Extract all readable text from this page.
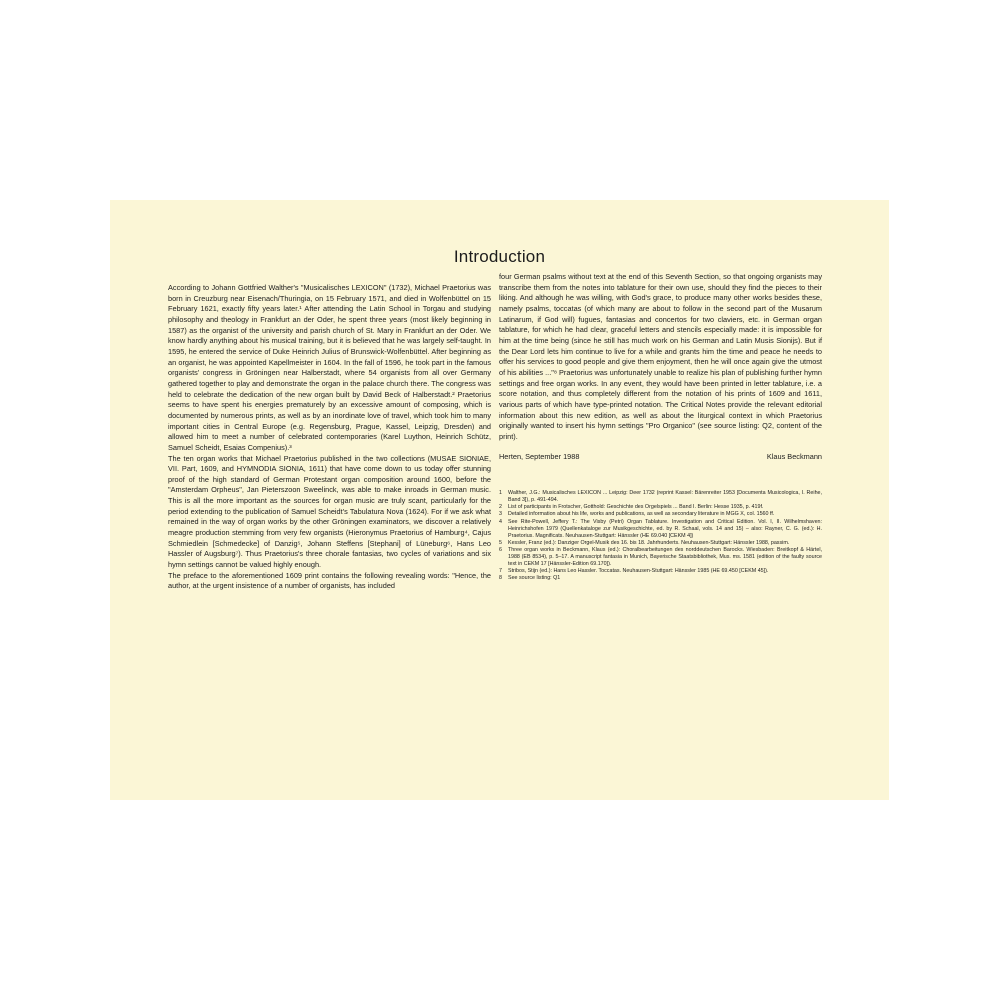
Introduction

According to Johann Gottfried Walther's "Musicalisches LEXICON" (1732), Michael Praetorius was born in Creuzburg near Eisenach/Thuringia, on 15 February 1571, and died in Wolfenbüttel on 15 February 1621, exactly fifty years later.¹ After attending the Latin School in Torgau and studying philosophy and theology in Frankfurt an der Oder, he spent three years (most likely beginning in 1587) as the organist of the university and parish church of St. Mary in Frankfurt an der Oder. We know hardly anything about his musical training, but it is believed that he was largely self-taught. In 1595, he entered the service of Duke Heinrich Julius of Brunswick-Wolfenbüttel. After beginning as an organist, he was appointed Kapellmeister in 1604. In the fall of 1596, he took part in the famous organists' congress in Gröningen near Halberstadt, where 54 organists from all over Germany gathered together to play and demonstrate the organ in the palace church there. The congress was held to celebrate the dedication of the new organ built by David Beck of Halberstadt.² Praetorius seems to have spent his energies prematurely by an excessive amount of composing, which is documented by numerous prints, as well as by an inordinate love of travel, which took him to many important cities in Central Europe (e.g. Regensburg, Prague, Kassel, Leipzig, Dresden) and allowed him to meet a number of celebrated contemporaries (Karel Luython, Heinrich Schütz, Samuel Scheidt, Esaias Compenius).³

The ten organ works that Michael Praetorius published in the two collections (MUSAE SIONIAE, VII. Part, 1609, and HYMNODIA SIONIA, 1611) that have come down to us today offer stunning proof of the high standard of German Protestant organ composition around 1600, before the "Amsterdam Orpheus", Jan Pieterszoon Sweelinck, was able to make inroads in German music. This is all the more important as the sources for organ music are truly scant, particularly for the period extending to the publication of Samuel Scheidt's Tabulatura Nova (1624). For if we ask what remained in the way of organ works by the other Gröningen examinators, we discover a relatively meagre production stemming from very few organists (Hieronymus Praetorius of Hamburg⁴, Cajus Schmiedlein [Schmedecke] of Danzig⁵, Johann Steffens [Stephani] of Lüneburg⁶, Hans Leo Hassler of Augsburg⁷). Thus Praetorius's three chorale fantasias, two cycles of variations and six hymn settings cannot be valued highly enough.

The preface to the aforementioned 1609 print contains the following revealing words: "Hence, the author, at the urgent insistence of a number of organists, has included

four German psalms without text at the end of this Seventh Section, so that ongoing organists may transcribe them from the notes into tablature for their own use, should they find the pieces to their liking. And although he was willing, with God's grace, to produce many other works besides these, namely psalms, toccatas (of which many are about to follow in the second part of the Musarum Latinarum, if God will) fugues, fantasias and concertos for two claviers, etc. in German organ tablature, for which he had clear, graceful letters and stencils especially made: it is impossible for him at the time being (since he still has much work on his German and Latin Musis Sionijs). But if the Dear Lord lets him continue to live for a while and grants him the time and peace he needs to offer his services to good people and give them enjoyment, then he will once again give the utmost of his abilities ..."⁸ Praetorius was unfortunately unable to realize his plan of publishing further hymn settings and free organ works. In any event, they would have been printed in letter tablature, i.e. a score notation, and thus completely different from the notation of his prints of 1609 and 1611, various parts of which have type-printed notation. The Critical Notes provide the relevant editorial information about this new edition, as well as about the liturgical context in which Praetorius originally wanted to insert his hymn settings "Pro Organico" (see source listing: Q2, content of the print).

Herten, September 1988	Klaus Beckmann
1	Walther, J.G.: Musicalisches LEXICON ... Leipzig: Deer 1732 (reprint Kassel: Bärenreiter 1953 [Documenta Musicologica, I. Reihe, Band 3]), p. 491-494.
2	List of participants in Frotscher, Gotthold: Geschichte des Orgelspiels ... Band I. Berlin: Hesse 1935, p. 419f.
3	Detailed information about his life, works and publications, as well as secondary literature in MGG X, col. 1560 ff.
4	See Rite-Powell, Jeffery T.: The Visby (Petri) Organ Tablature. Investigation and Critical Edition. Vol. I, II. Wilhelmshaven: Heinrichshofen 1979 (Quellenkataloge zur Musikgeschichte, ed. by R. Schaal, vols. 14 and 15) – also: Rayner, C. G. (ed.): H. Praetorius. Magnificats. Neuhausen-Stuttgart: Hänssler (HE 69.040 [CEKM 4])
5	Kessler, Franz (ed.): Danziger Orgel-Musik des 16. bis 18. Jahrhunderts. Neuhausen-Stuttgart: Hänssler 1988, passim.
6	Three organ works in Beckmann, Klaus (ed.): Choralbearbeitungen des norddeutschen Barocks. Wiesbaden: Breitkopf & Härtel, 1988 (EB 8534), p. 5–17. A manuscript fantasia in Munich, Bayerische Staatsbibliothek, Mus. ms. 1581 (edition of the faulty source text in CEKM 17 [Hänssler-Edition 69.170]).
7	Stribos, Stijn (ed.): Hans Leo Hassler. Toccatas. Neuhausen-Stuttgart: Hänssler 1985 (HE 69.450 [CEKM 45]).
8	See source listing: Q1
